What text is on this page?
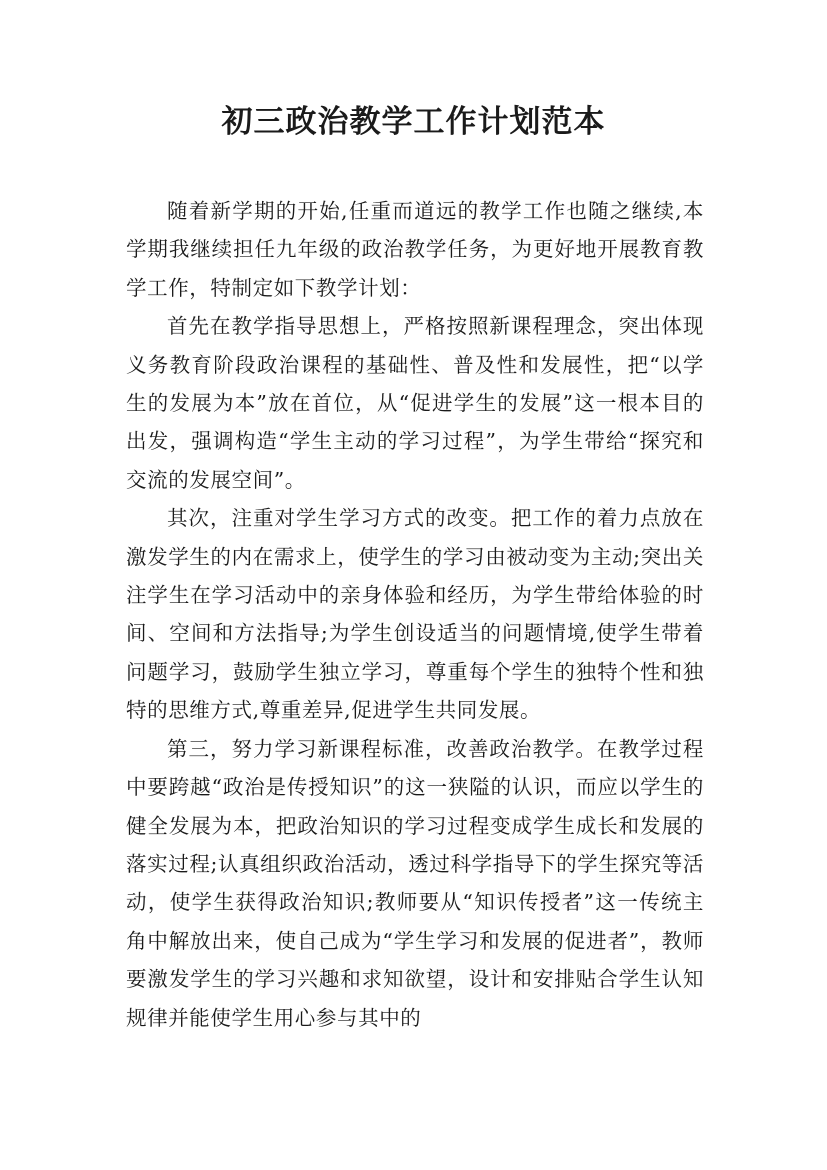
初三政治教学工作计划范本

随着新学期的开始,任重而道远的教学工作也随之继续,本学期我继续担任九年级的政治教学任务，为更好地开展教育教学工作，特制定如下教学计划：

首先在教学指导思想上，严格按照新课程理念，突出体现义务教育阶段政治课程的基础性、普及性和发展性，把“以学生的发展为本”放在首位，从“促进学生的发展”这一根本目的出发，强调构造“学生主动的学习过程”，为学生带给“探究和交流的发展空间”。

其次，注重对学生学习方式的改变。把工作的着力点放在激发学生的内在需求上，使学生的学习由被动变为主动;突出关注学生在学习活动中的亲身体验和经历，为学生带给体验的时间、空间和方法指导;为学生创设适当的问题情境,使学生带着问题学习，鼓励学生独立学习，尊重每个学生的独特个性和独特的思维方式,尊重差异,促进学生共同发展。

第三，努力学习新课程标准，改善政治教学。在教学过程中要跨越“政治是传授知识”的这一狭隘的认识，而应以学生的健全发展为本，把政治知识的学习过程变成学生成长和发展的落实过程;认真组织政治活动，透过科学指导下的学生探究等活动，使学生获得政治知识;教师要从“知识传授者”这一传统主角中解放出来，使自己成为“学生学习和发展的促进者”，教师要激发学生的学习兴趣和求知欲望，设计和安排贴合学生认知规律并能使学生用心参与其中的
